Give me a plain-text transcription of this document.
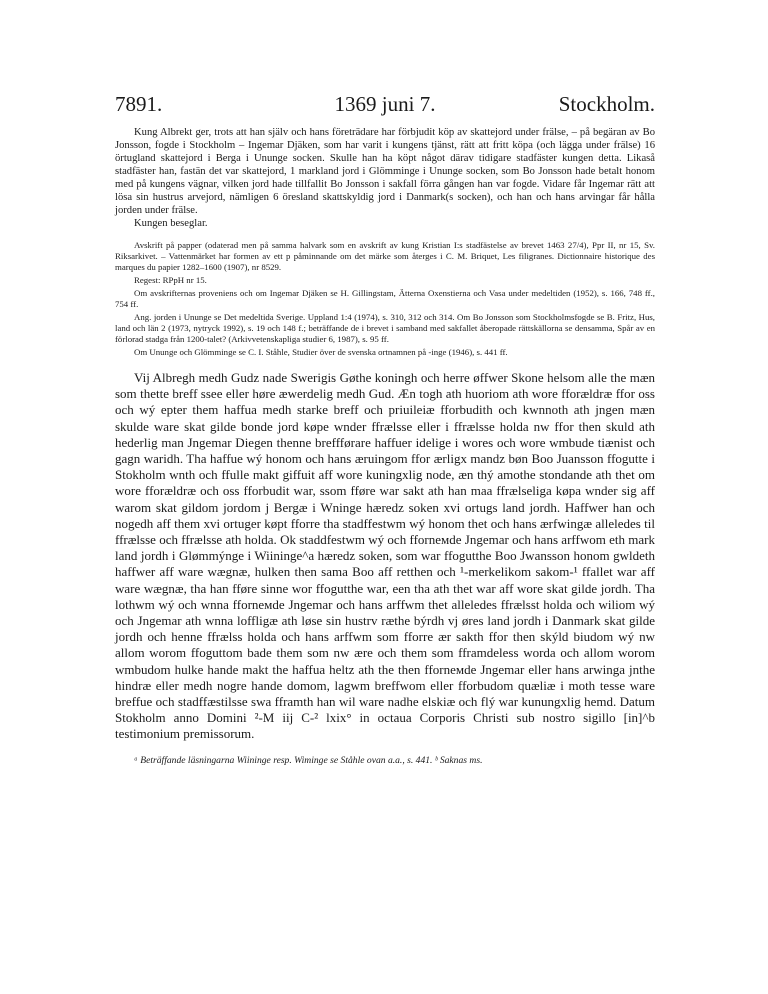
7891.	1369 juni 7.	Stockholm.

Kung Albrekt ger, trots att han själv och hans företrädare har förbjudit köp av skattejord under frälse, – på begäran av Bo Jonsson, fogde i Stockholm – Ingemar Djäken, som har varit i kungens tjänst, rätt att fritt köpa (och lägga under frälse) 16 örtugland skattejord i Berga i Ununge socken. Skulle han ha köpt något därav tidigare stadfäster kungen detta. Likaså stadfäster han, fastän det var skattejord, 1 markland jord i Glömminge i Ununge socken, som Bo Jonsson hade betalt honom med på kungens vägnar, vilken jord hade tillfallit Bo Jonsson i sakfall förra gången han var fogde. Vidare får Ingemar rätt att lösa sin hustrus arvejord, nämligen 6 öresland skattskyldig jord i Danmark(s socken), och han och hans arvingar får hålla jorden under frälse.

Kungen beseglar.

Avskrift på papper (odaterad men på samma halvark som en avskrift av kung Kristian I:s stadfästelse av brevet 1463 27/4), Ppr II, nr 15, Sv. Riksarkivet. – Vattenmärket har formen av ett p påminnande om det märke som återges i C. M. Briquet, Les filigranes. Dictionnaire historique des marques du papier 1282–1600 (1907), nr 8529.

Regest: RPpH nr 15.

Om avskrifternas proveniens och om Ingemar Djäken se H. Gillingstam, Ätterna Oxenstierna och Vasa under medeltiden (1952), s. 166, 748 ff., 754 ff.

Ang. jorden i Ununge se Det medeltida Sverige. Uppland 1:4 (1974), s. 310, 312 och 314. Om Bo Jonsson som Stockholmsfogde se B. Fritz, Hus, land och län 2 (1973, nytryck 1992), s. 19 och 148 f.; beträffande de i brevet i samband med sakfallet åberopade rättskällorna se densamma, Spår av en förlorad stadga från 1200-talet? (Arkivvetenskapliga studier 6, 1987), s. 95 ff.

Om Ununge och Glömminge se C. I. Ståhle, Studier över de svenska ortnamnen på -inge (1946), s. 441 ff.

Vij Albregh medh Gudz nade Swerigis Gøthe koningh och herre øffwer Skone helsom alle the mæn som thette breff ssee eller høre æwerdelig medh Gud. Æn togh ath huoriom ath wore fforældræ ffor oss och wý epter them haffua medh starke breff och priuileiæ fforbudith och kwnnoth ath jngen mæn skulde ware skat gilde bonde jord køpe wnder ffrælsse eller i ffrælsse holda nw ffor then skuld ath hederlig man Jngemar Diegen thenne breffførare haffuer idelige i wores och wore wmbude tiænist och gagn waridh. Tha haffue wý honom och hans æruingom ffor ærligx mandz bøn Boo Juansson ffogutte i Stokholm wnth och ffulle makt giffuit aff wore kuningxlig node, æn thý amothe stondande ath thet om wore fforældræ och oss fforbudit war, ssom fføre war sakt ath han maa ffrælseliga køpa wnder sig aff warom skat gildom jordom j Bergæ i Wninge hæredz soken xvi ortugs land jordh. Haffwer han och nogedh aff them xvi ortuger køpt fforre tha stadffestwm wý honom thet och hans ærfwingæ alleledes til ffrælsse och ffrælsse ath holda. Ok staddfestwm wý och fforneмde Jngemar och hans arffwom eth mark land jordh i Glømmýnge i Wiininge^a hæredz soken, som war ffogutthe Boo Jwansson honom gwldeth haffwer aff ware wægnæ, hulken then sama Boo aff retthen och ¹-merkelikom sakom-¹ ffallet war aff ware wægnæ, tha han fføre sinne wor ffogutthe war, een tha ath thet war aff wore skat gilde jordh. Tha lothwm wý och wnna fforneмde Jngemar och hans arffwm thet alleledes ffrælsst holda och wiliom wý och Jngemar ath wnna loffligæ ath løse sin hustrv ræthe býrdh vj øres land jordh i Danmark skat gilde jordh och henne ffrælss holda och hans arffwm som fforre ær sakth ffor then skýld biudom wý nw allom worom ffoguttom bade them som nw ære och them som fframdeless worda och allom worom wmbudom hulke hande makt the haffua heltz ath the then fforneмde Jngemar eller hans arwinga jnthe hindræ eller medh nogre hande domom, lagwm breffwom eller fforbudom quæliæ i moth tesse ware breffue och stadffæstilsse swa fframth han wil ware nadhe elskiæ och flý war kunungxlig hemd. Datum Stokholm anno Domini ²-M iij C-² lxix° in octaua Corporis Christi sub nostro sigillo [in]^b testimonium premissorum.
ᵃ Beträffande läsningarna Wiininge resp. Wiminge se Ståhle ovan a.a., s. 441. ᵇ Saknas ms.
